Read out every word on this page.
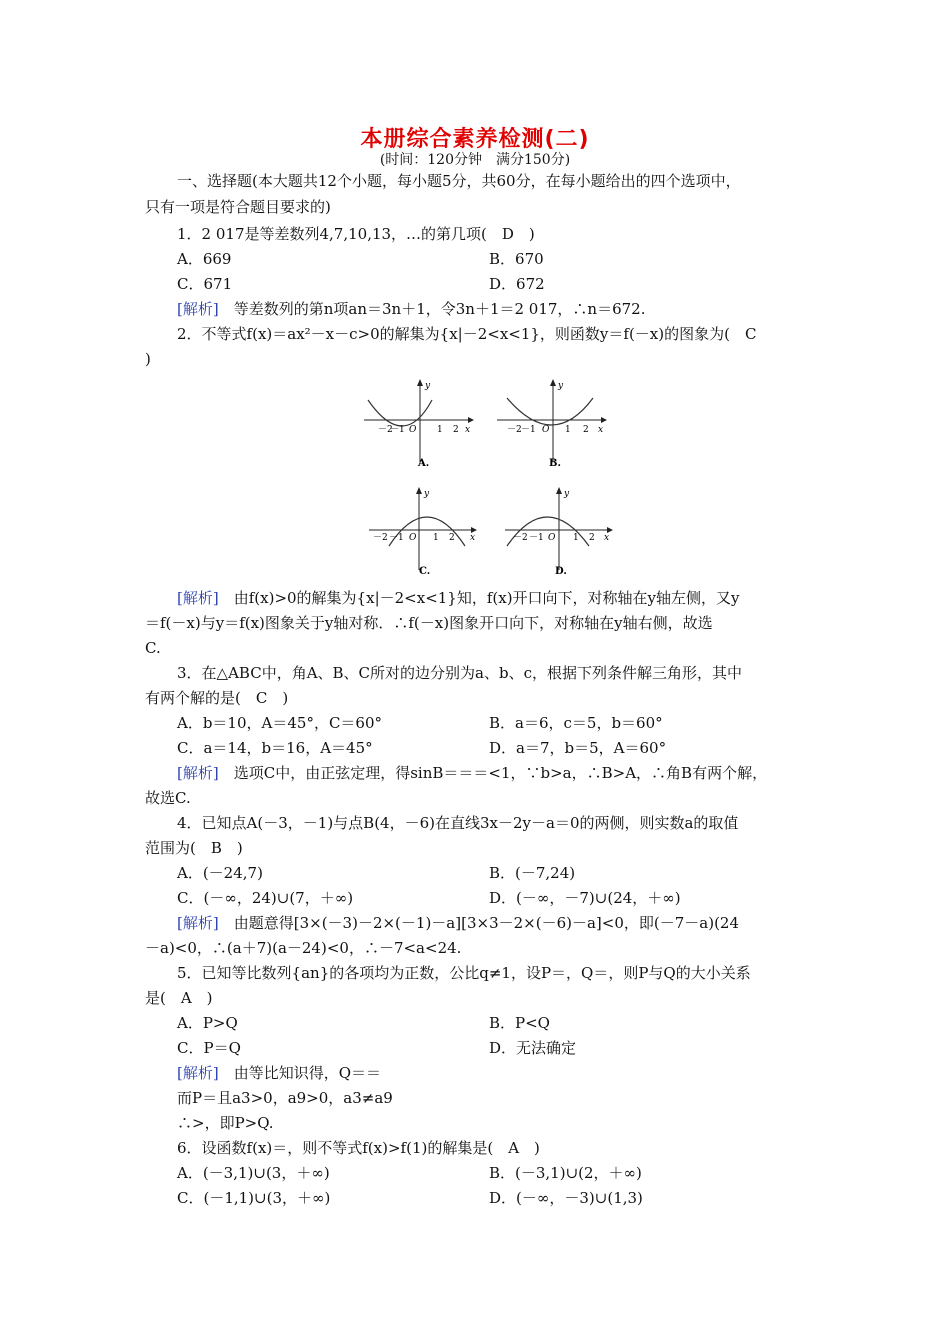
本册综合素养检测(二)
(时间：120分钟　满分150分)
一、选择题(本大题共12个小题，每小题5分，共60分，在每小题给出的四个选项中，
只有一项是符合题目要求的)
1．2 017是等差数列4,7,10,13，…的第几项(　D　)
A．669	B．670
C．671	D．672
[解析]　 等差数列的第n项an＝3n＋1，令3n＋1＝2 017，∴n＝672.
2．不等式f(x)＝ax²－x－c>0的解集为{x|－2<x<1}，则函数y＝f(－x)的图象为(　C
)
－2
－1 O 1 2 x
y
A.
－2 －1 O 1 2 x
y
B.
－2 －1 O 1 2 x
y
C.
－2 －1 O 1 2 x
y
D.
[解析]　 由f(x)>0的解集为{x|－2<x<1}知，f(x)开口向下，对称轴在y轴左侧，又y
＝f(－x)与y＝f(x)图象关于y轴对称．∴f(－x)图象开口向下，对称轴在y轴右侧，故选
C.
3．在△ABC中，角A、B、C所对的边分别为a、b、c，根据下列条件解三角形，其中
有两个解的是(　C　)
A．b＝10，A＝45°，C＝60°	B．a＝6，c＝5，b＝60°
C．a＝14，b＝16，A＝45°	D．a＝7，b＝5，A＝60°
[解析]　 选项C中，由正弦定理，得sinB＝＝＝<1，∵b>a，∴B>A，∴角B有两个解，
故选C.
4．已知点A(－3，－1)与点B(4，－6)在直线3x－2y－a＝0的两侧，则实数a的取值
范围为(　B　)
A．(－24,7)	B．(－7,24)
C．(－∞，24)∪(7，＋∞)	D．(－∞，－7)∪(24，＋∞)
[解析]　 由题意得[3×(－3)－2×(－1)－a][3×3－2×(－6)－a]<0，即(－7－a)(24
－a)<0，∴(a＋7)(a－24)<0，∴－7<a<24.
5．已知等比数列{an}的各项均为正数，公比q≠1，设P＝，Q＝，则P与Q的大小关系
是(　A　)
A．P>Q	B．P<Q
C．P＝Q	D．无法确定
[解析]　 由等比知识得，Q＝＝
而P＝且a3>0，a9>0，a3≠a9
∴>，即P>Q.
6．设函数f(x)＝，则不等式f(x)>f(1)的解集是(　A　)
A．(－3,1)∪(3，＋∞)	B．(－3,1)∪(2，＋∞)
C．(－1,1)∪(3，＋∞)	D．(－∞，－3)∪(1,3)
